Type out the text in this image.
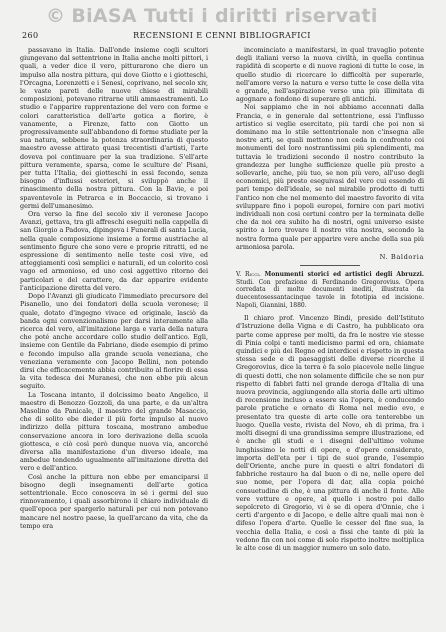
© BiASA Tutti i diritti riservati
260	RECENSIONI E CENNI BIBLIOGRAFICI

passavano in Italia. Dall'onde insieme cogli scultori giungevano dal settentrione in Italia anche molti pittori, i quali, a veder dice il vero, pitturarono che diero un impulso alla nostra pittura, qui dove Giotto e i giotteschi, l'Orcagna, Lorenzetti e i Senesi, coprivano, nel secolo xiv, le vaste pareti delle nuove chiese di mirabili composizioni, potevano ritrarne utili ammaestramenti. Lo studio e l'apparire rapprentazione del vero con forme e colori caratteristica dell'arte gotica a fiorire, è vanamente, a Firenze, fatto con Giotto un progressivamente sull'abbandono di forme studiate per la sua natura, sebbene la potenza straordinaria di questo maestro avesse attirato quasi trecentisti d'artisti, l'arte doveva poi continuare per la sua tradizione. S'ell'arte pittura veramente, sparsa, come le sculture de' Pisani, per tutta l'Italia, dei giotteschi in essi fecondo, senza bisogno d'influssi esteriori, si sviluppò anche il rinascimento della nostra pittura. Con la Bavie, e poi spaventevole in Petrarca e in Boccaccio, si trovano i germi dell'umanesimo.

Ora verso la fine del secolo xiv il veronese Jacopo Avanzi, gettava, tra gli affreschi eseguiti nella cappella di san Giorgio a Padova, dipingeva i Funerali di santa Lucia, nella quale composizione insieme a forme austriache al sentimento figure che sono vere e proprie ritratti, ed ne espressione di sentimento nelle teste così vive, ed atteggiamenti così semplici e naturali, ed un colorito così vago ed armonioso, ed uno così aggettivo ritorno dei particolari e del carattere, da dar apparire evidente l'anticipazione diretta del vero.

Dopo l'Avanzi gli giudicato l'immediato precursore del Pisanello, uno dei fondatori della scuola veronese; il quale, dotato d'ingegno vivace ed originale, lasciò da banda ogni convenzionalismo per darsi interamente alla ricerca del vero, all'imitazione larga e varia della natura che poté anche accordare collo studio dell'antico. Egli, insieme con Gentile da Fabriano, diede esempio di primo e fecondo impulso alla grande scuola veneziana, che veneziana veramente con Jacopo Bellini, non potendo dirsi che efficacemente abbia contribuito al fiorire di essa la vita tedesca dei Muranesi, che non ebbe più alcun seguito.

La Toscana intanto, il dolcissimo beato Angelico, il maestro di Benozzo Gozzoli, da una parte, e da un'altra Masolino da Panicale, il maestro del grande Masaccio, che di solito ebe dieder il più forte impulso al nuovo indirizzo della pittura toscana, mostrano ambedue conservazione ancora in loro derivazione della scuola giottesca, e ciò così però dunque nuova via, ancorché diversa alla manifestazione d'un diverso ideale, ma ambedue tendendo ugualmente all'imitazione diretta del vero e dell'antico.

Così anche la pittura non ebbe per emanciparsi il bisogno degli insegnamenti dell'arte gotica settentrionale. Ecco conosceva in sé i germi del suo rinnovamento, i quali assorbirono il chiaro individuale di quell'epoca per spargerlo naturali per cui non potevano mancare nel nostro paese, la quell'arcano da vita, che da tempo era

incominciato a manifestarsi, in qual travaglio potente degli italiani verso la nuova civiltà, in quella continua rapidità di scoperte e di nuove ragioni di tutte le cose, in quello studio di ricercare lo difficoltà per superarle, nell'amore verso la natura e verso tutte le cose della vita e grande, nell'aspirazione verso una più illimitata di agognare a fondono di superare gli antichi.

Noi sappiamo che in noi abbiamo accennati dalla Francia, e in generale dal settentrione, essi l'influsso artistico si veglie esercitato, più tardi che poi non si dominano ma lo stile settentrionale non c'insegna alle nostre arti, se quali mettono non ceda in confronto coi monumenti del loro nostrantissimi più splendimenti, ma tuttavia le tradizioni secondo il nostro contributo la grandezza per lunghe sufficienze quelle più presto a sollevarle, anche, più tuo, se non più vero, all'uso degli economici, più presto eseguivasi del vero cui essendo di pari tempo dell'ideale, se nel mirabile prodotto di tutti l'antico non che nel momento del maestro favorito di vita sviluppare fino i popoli europei, fornire con pari motivi individuali non cosi certuni contro per la terminata delle che da noi ora subito ha di nostri, ogni universo esiste spirito a loro trovare il nostro vita nostra, secondo la nostra forma quale per apparire vere anche della sua più armoniosa parola.

N. Baldoria
V. Ricci. Monumenti storici ed artistici degli Abruzzi. Studi. Con prefazione di Ferdinando Gregorovius. Opera corredata di molte documenti inediti, illustrata da duecentosessantacinque tavole in fototipia ed incisione. Napoli, Giannini, 1880.

Il chiaro prof. Vincenzo Bindi, preside dell'Istituto d'Istruzione della Vigna e di Castro, ha pubblicato ora parte come apprese per molti, da fra le nostre vie stesse di Pinia colpi e tanti medicismo parmi ed ora, chiamate quindici e più dei Regno ed interdicei e rispetto in questa stessa sede e di paesaggisti delle diverse ricerche il Gregorovius, dice la terra è fa solo piacevole nelle lingue di questi dotti, che non solamente difficile che se non pur rispetto di fabbri fatti nel grande deroga d'Italia di una nuova provincia, aggiungendo alla storia delle arti ultimo di recensione incluso a essere sia l'opera, è conducendo parole pratiche e ornato di Roma nel medio evo, e presentato tra queste di arte colle ora tenterebbe un luogo. Quella veste, rivista del Novo, eh di prima, fra i molti disegni di una grandissima sempre illustrazione, ed è anche gli studi e i disegni dell'ultimo volume lunghissimo le notti di opere, e d'opere considerato, importa dell'eta per i tipi de suoi grande, l'esempio dell'Oriente, anche pure in questi e altri fondatori di fabbriche restauro ha dal buon o di ne, nelle opere del suo nome, per l'opera di dar, alla copia poiché consuetudine di che, è una pittura di anche il fonte. Alle vere vetture e opere, al quello i nostro poi dallo sepolcreto di Gregorio, vi è se di opera d'Onnie, che i certi d'argento e di Jacopo, e delle altre quali mai non è difeso l'opera d'arte. Quelle le cesser del fine sua, la vecchia della Italia, e così a fissi che tante di più la vedono fin con noi come di solo rispetto inoltre moltiplica le alte cose di un maggior numero un solo dato.
